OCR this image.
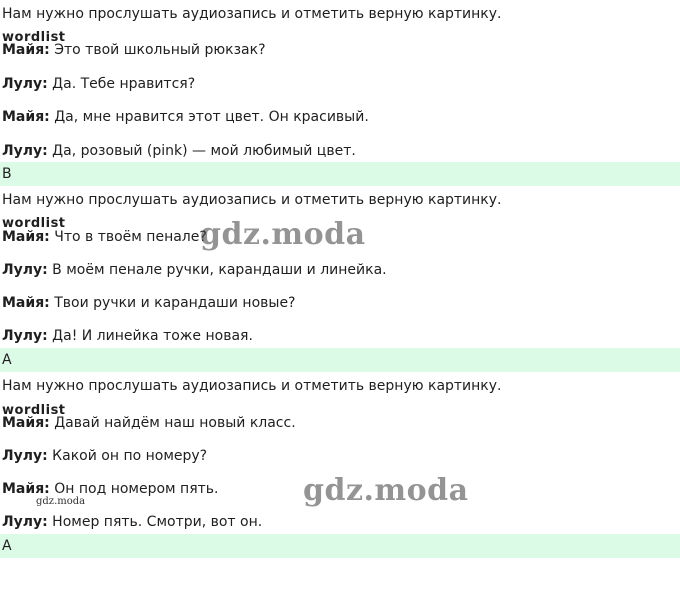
Нам нужно прослушать аудиозапись и отметить верную картинку.
wordlist
Майя: Это твой школьный рюкзак?
Лулу: Да. Тебе нравится?
Майя: Да, мне нравится этот цвет. Он красивый.
Лулу: Да, розовый (pink) — мой любимый цвет.
B
Нам нужно прослушать аудиозапись и отметить верную картинку.
wordlist
Майя: Что в твоём пенале?
Лулу: В моём пенале ручки, карандаши и линейка.
Майя: Твои ручки и карандаши новые?
Лулу: Да! И линейка тоже новая.
A
Нам нужно прослушать аудиозапись и отметить верную картинку.
wordlist
Майя: Давай найдём наш новый класс.
Лулу: Какой он по номеру?
Майя: Он под номером пять.
Лулу: Номер пять. Смотри, вот он.
A
gdz.moda
gdz.moda
gdz.moda
